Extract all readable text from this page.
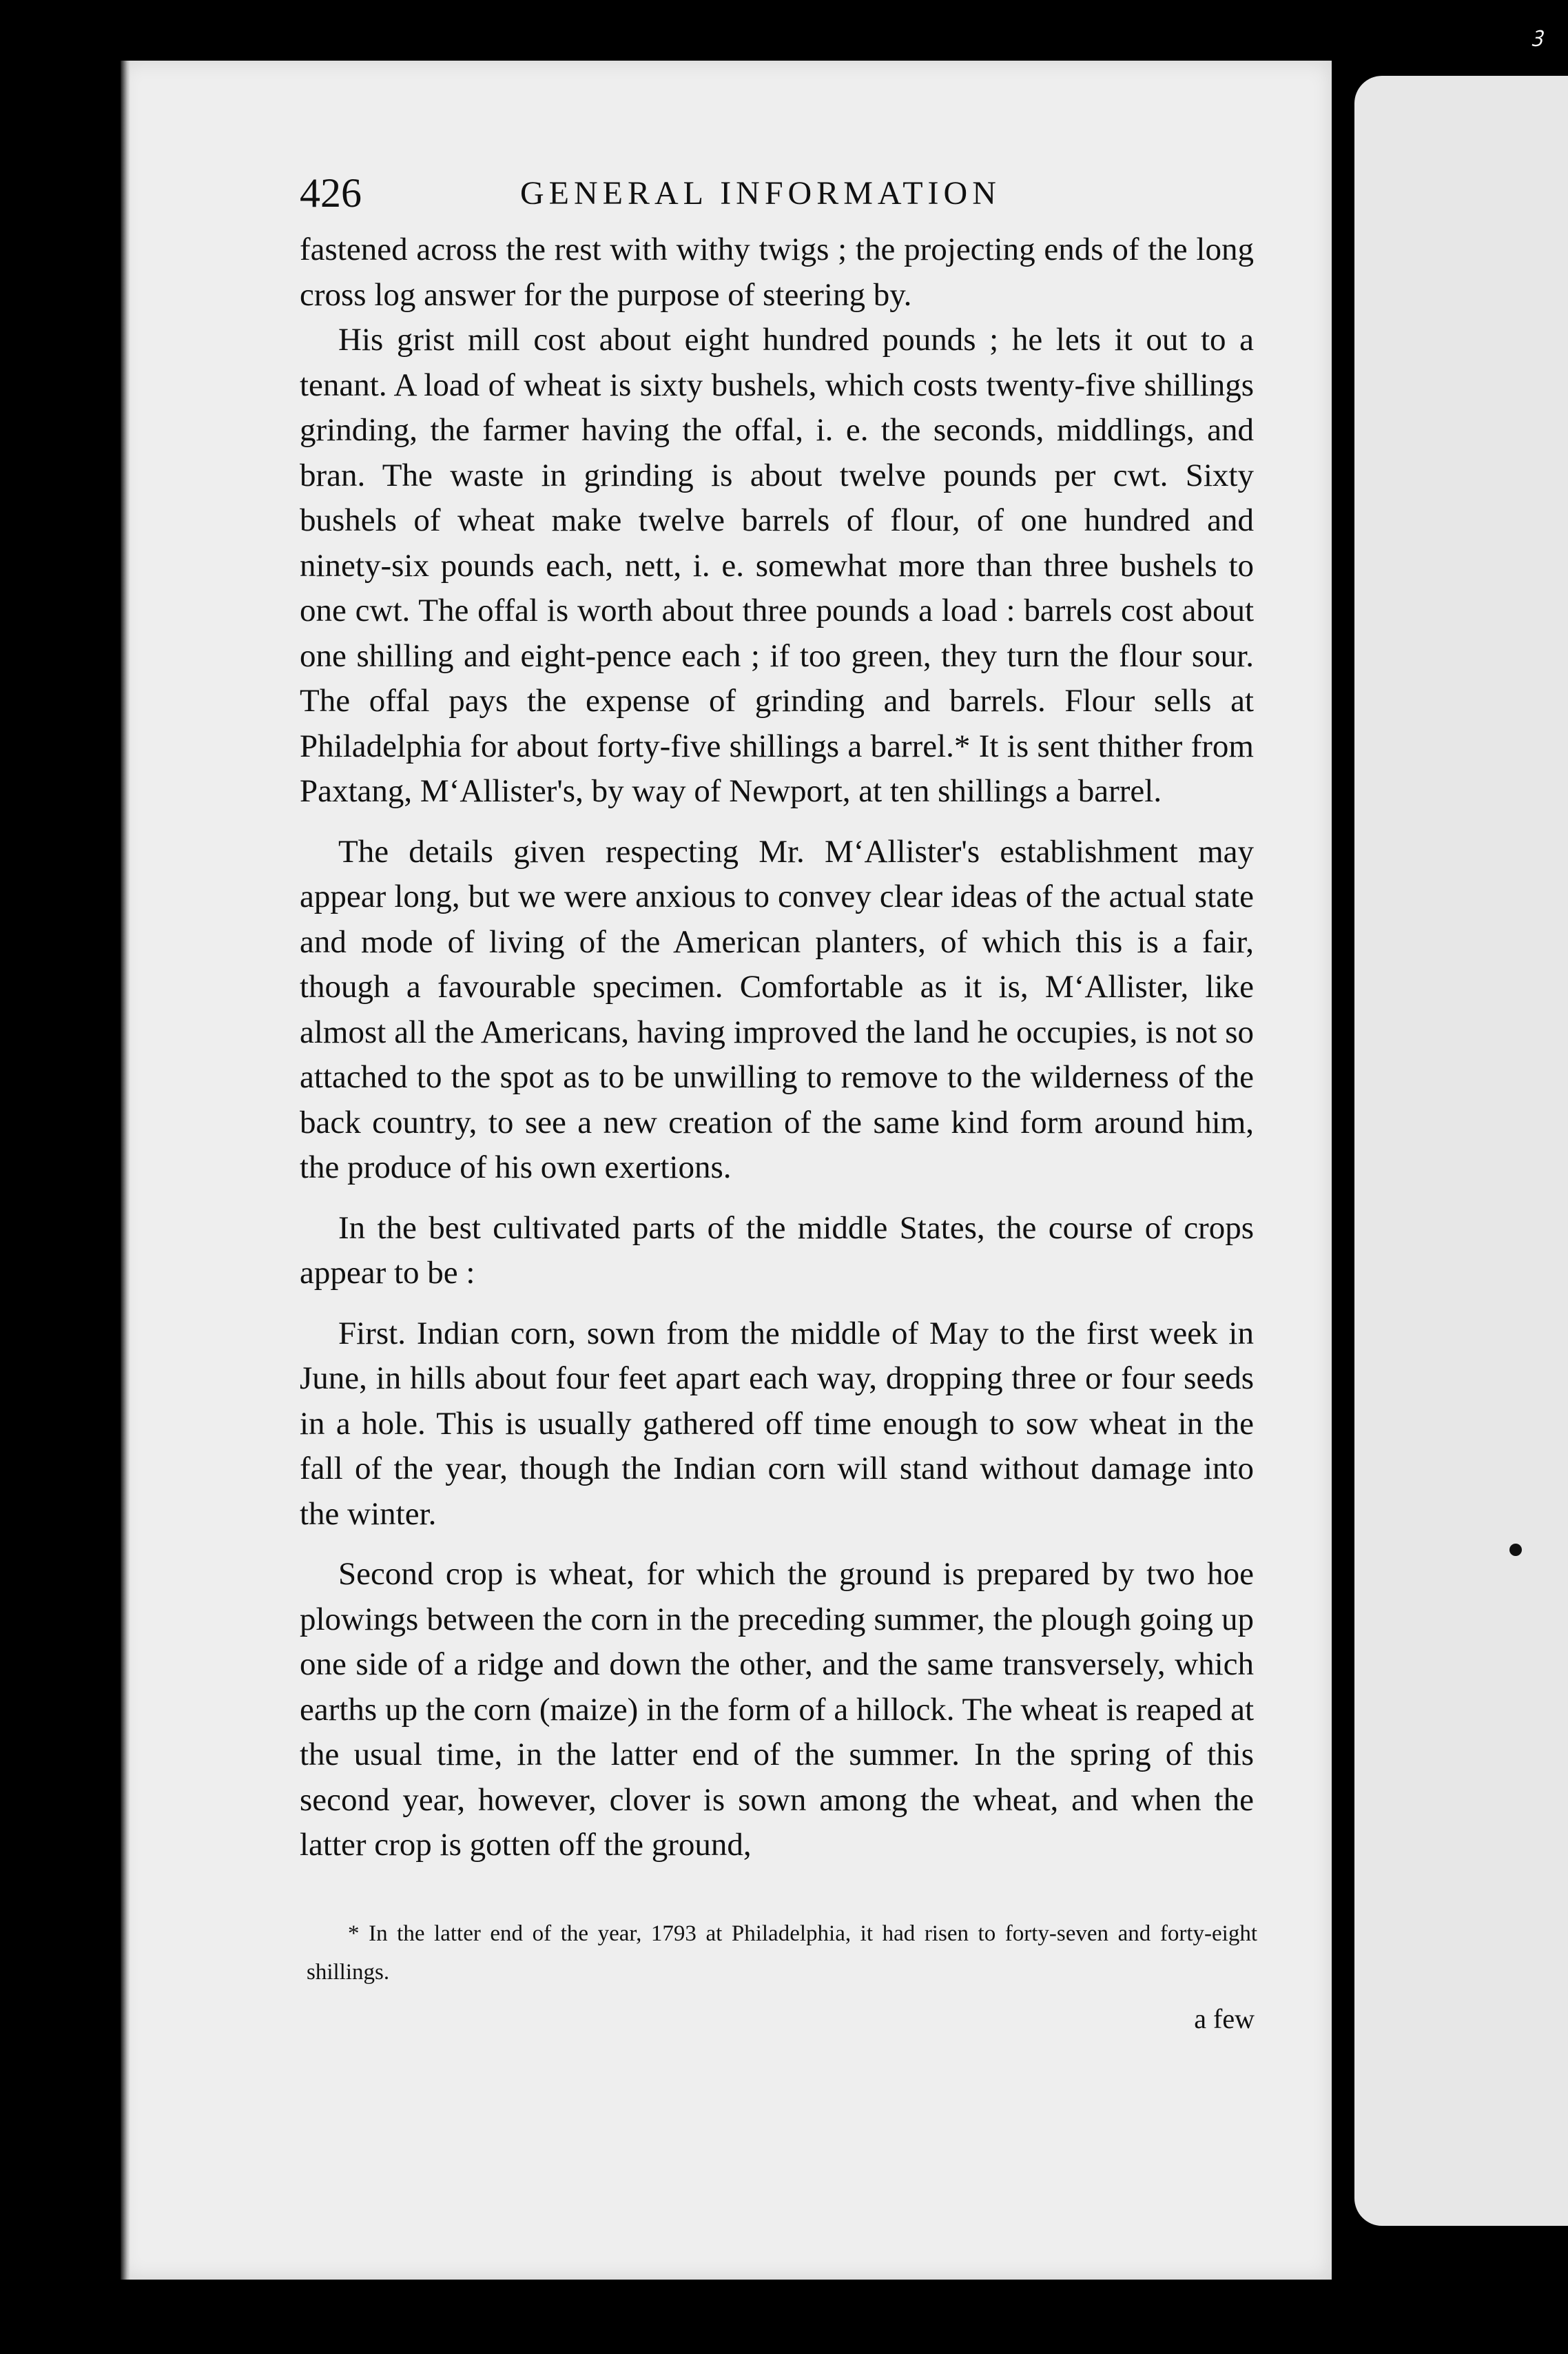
ꝫ
426	GENERAL INFORMATION

fastened across the rest with withy twigs ; the projecting ends of the long cross log answer for the purpose of steering by.

His grist mill cost about eight hundred pounds ; he lets it out to a tenant. A load of wheat is sixty bushels, which costs twenty-five shillings grinding, the farmer having the offal, i. e. the seconds, middlings, and bran. The waste in grinding is about twelve pounds per cwt. Sixty bushels of wheat make twelve barrels of flour, of one hundred and ninety-six pounds each, nett, i. e. somewhat more than three bushels to one cwt. The offal is worth about three pounds a load : barrels cost about one shilling and eight-pence each ; if too green, they turn the flour sour. The offal pays the expense of grinding and barrels. Flour sells at Philadelphia for about forty-five shillings a barrel.* It is sent thither from Paxtang, M‘Allister's, by way of Newport, at ten shillings a barrel.

The details given respecting Mr. M‘Allister's establishment may appear long, but we were anxious to convey clear ideas of the actual state and mode of living of the American planters, of which this is a fair, though a favourable specimen. Comfortable as it is, M‘Allister, like almost all the Americans, having improved the land he occupies, is not so attached to the spot as to be unwilling to remove to the wilderness of the back country, to see a new creation of the same kind form around him, the produce of his own exertions.

In the best cultivated parts of the middle States, the course of crops appear to be :

First. Indian corn, sown from the middle of May to the first week in June, in hills about four feet apart each way, dropping three or four seeds in a hole. This is usually gathered off time enough to sow wheat in the fall of the year, though the Indian corn will stand without damage into the winter.

Second crop is wheat, for which the ground is prepared by two hoe plowings between the corn in the preceding summer, the plough going up one side of a ridge and down the other, and the same transversely, which earths up the corn (maize) in the form of a hillock. The wheat is reaped at the usual time, in the latter end of the summer. In the spring of this second year, however, clover is sown among the wheat, and when the latter crop is gotten off the ground,

* In the latter end of the year, 1793 at Philadelphia, it had risen to forty-seven and forty-eight shillings.
a few
